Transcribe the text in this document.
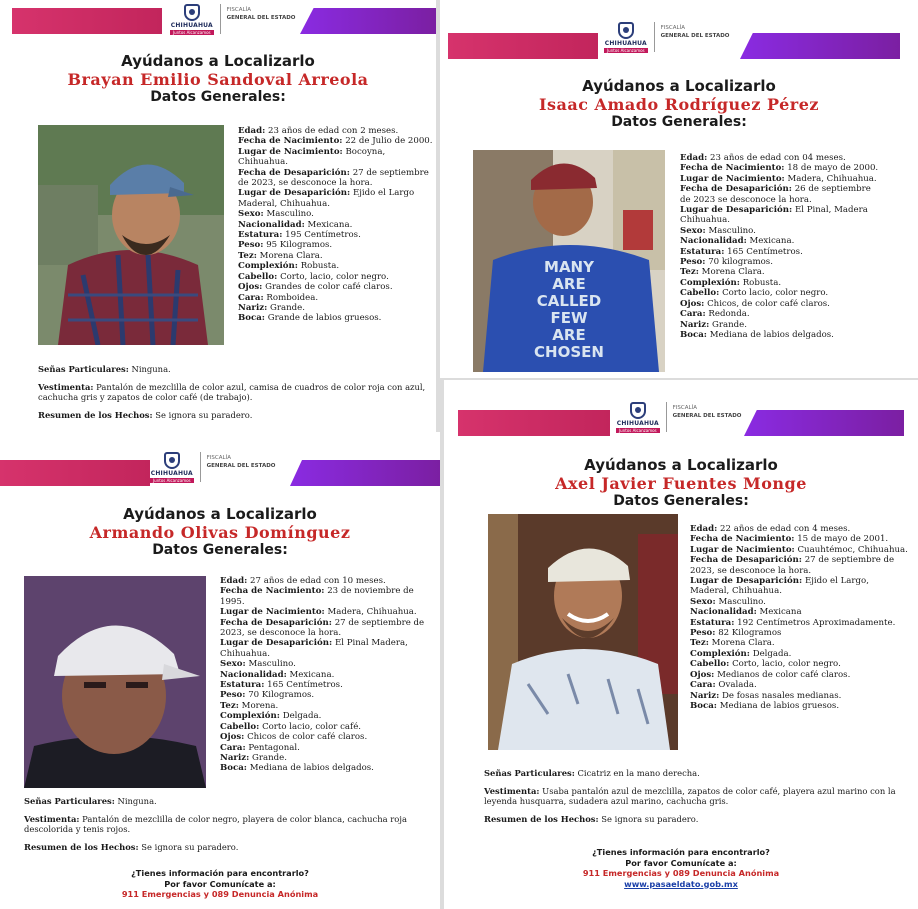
CHIHUAHUA
Juntos Alcanzamos
FISCALÍA
GENERAL DEL ESTADO
Ayúdanos a Localizarlo
Brayan Emilio Sandoval Arreola
Datos Generales:
Edad: 23 años de edad con 2 meses.
Fecha de Nacimiento: 22 de Julio de 2000.
Lugar de Nacimiento: Bocoyna, Chihuahua.
Fecha de Desaparición: 27 de septiembre de 2023, se desconoce la hora.
Lugar de Desaparición: Ejido el Largo Maderal, Chihuahua.
Sexo: Masculino.
Nacionalidad: Mexicana.
Estatura: 195 Centímetros.
Peso: 95 Kilogramos.
Tez: Morena Clara.
Complexión: Robusta.
Cabello: Corto, lacio, color negro.
Ojos: Grandes de color café claros.
Cara: Romboidea.
Nariz: Grande.
Boca: Grande de labios gruesos.

Señas Particulares: Ninguna.

Vestimenta: Pantalón de mezclilla de color azul, camisa de cuadros de color roja con azul, cachucha gris y zapatos de color café (de trabajo).

Resumen de los Hechos: Se ignora su paradero.

CHIHUAHUA
Juntos Alcanzamos
FISCALÍA
GENERAL DEL ESTADO
Ayúdanos a Localizarlo
Isaac Amado Rodríguez Pérez
Datos Generales:
MANY
ARE
CALLED
FEW
ARE
CHOSEN
Edad: 23 años de edad con 04 meses.
Fecha de Nacimiento: 18 de mayo de 2000.
Lugar de Nacimiento: Madera, Chihuahua.
Fecha de Desaparición: 26 de septiembre de 2023 se desconoce la hora.
Lugar de Desaparición: El Pinal, Madera Chihuahua.
Sexo: Masculino.
Nacionalidad: Mexicana.
Estatura: 165 Centímetros.
Peso: 70 kilogramos.
Tez: Morena Clara.
Complexión: Robusta.
Cabello: Corto lacio, color negro.
Ojos: Chicos, de color café claros.
Cara: Redonda.
Nariz: Grande.
Boca: Mediana de labios delgados.
CHIHUAHUA
Juntos Alcanzamos
FISCALÍA
GENERAL DEL ESTADO
Ayúdanos a Localizarlo
Armando Olivas Domínguez
Datos Generales:
Edad: 27 años de edad con 10 meses.
Fecha de Nacimiento: 23 de noviembre de 1995.
Lugar de Nacimiento: Madera, Chihuahua.
Fecha de Desaparición: 27 de septiembre de 2023, se desconoce la hora.
Lugar de Desaparición: El Pinal Madera, Chihuahua.
Sexo: Masculino.
Nacionalidad: Mexicana.
Estatura: 165 Centímetros.
Peso: 70 Kilogramos.
Tez: Morena.
Complexión: Delgada.
Cabello: Corto lacio, color café.
Ojos: Chicos de color café claros.
Cara: Pentagonal.
Nariz: Grande.
Boca: Mediana de labios delgados.

Señas Particulares: Ninguna.

Vestimenta: Pantalón de mezclilla de color negro, playera de color blanca, cachucha roja descolorida y tenis rojos.

Resumen de los Hechos: Se ignora su paradero.

¿Tienes información para encontrarlo?
Por favor Comunícate a:
911 Emergencias y 089 Denuncia Anónima
CHIHUAHUA
Juntos Alcanzamos
FISCALÍA
GENERAL DEL ESTADO
Ayúdanos a Localizarlo
Axel Javier Fuentes Monge
Datos Generales:
Edad: 22 años de edad con 4 meses.
Fecha de Nacimiento: 15 de mayo de 2001.
Lugar de Nacimiento: Cuauhtémoc, Chihuahua.
Fecha de Desaparición: 27 de septiembre de 2023, se desconoce la hora.
Lugar de Desaparición: Ejido el Largo, Maderal, Chihuahua.
Sexo: Masculino.
Nacionalidad: Mexicana
Estatura: 192 Centímetros Aproximadamente.
Peso: 82 Kilogramos
Tez: Morena Clara.
Complexión: Delgada.
Cabello: Corto, lacio, color negro.
Ojos: Medianos de color café claros.
Cara: Ovalada.
Nariz: De fosas nasales medianas.
Boca: Mediana de labios gruesos.

Señas Particulares: Cicatriz en la mano derecha.

Vestimenta: Usaba pantalón azul de mezclilla, zapatos de color café, playera azul marino con la leyenda husquarra, sudadera azul marino, cachucha gris.

Resumen de los Hechos: Se ignora su paradero.

¿Tienes información para encontrarlo?
Por favor Comunícate a:
911 Emergencias y 089 Denuncia Anónima
www.pasaeldato.gob.mx
